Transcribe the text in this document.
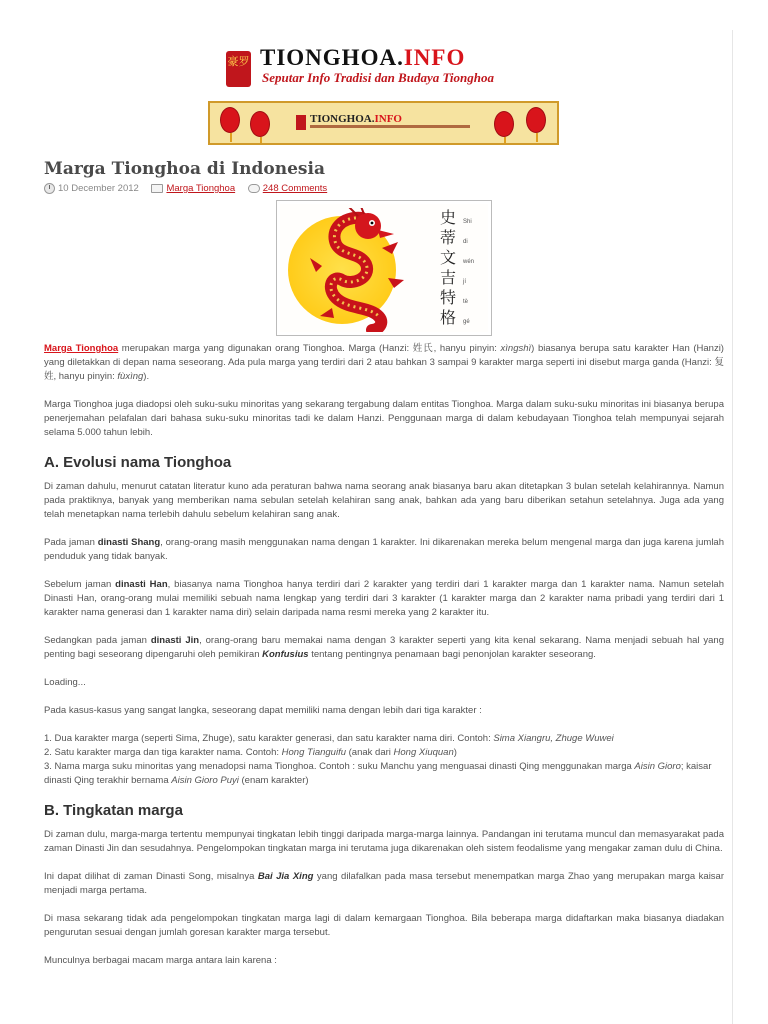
豪罗 TIONGHOA.INFO
Seputar Info Tradisi dan Budaya Tionghoa
TIONGHOA.INFO
Marga Tionghoa di Indonesia
10 December 2012	Marga Tionghoa	248 Comments
史
蒂
文
吉
特
格
Shi
di
wén
jí
tè
gé

Marga Tionghoa merupakan marga yang digunakan orang Tionghoa. Marga (Hanzi: 姓氏, hanyu pinyin: xìngshì) biasanya berupa satu karakter Han (Hanzi) yang diletakkan di depan nama seseorang. Ada pula marga yang terdiri dari 2 atau bahkan 3 sampai 9 karakter marga seperti ini disebut marga ganda (Hanzi: 复姓, hanyu pinyin: fùxìng).

Marga Tionghoa juga diadopsi oleh suku-suku minoritas yang sekarang tergabung dalam entitas Tionghoa. Marga dalam suku-suku minoritas ini biasanya berupa penerjemahan pelafalan dari bahasa suku-suku minoritas tadi ke dalam Hanzi. Penggunaan marga di dalam kebudayaan Tionghoa telah mempunyai sejarah selama 5.000 tahun lebih.

A. Evolusi nama Tionghoa

Di zaman dahulu, menurut catatan literatur kuno ada peraturan bahwa nama seorang anak biasanya baru akan ditetapkan 3 bulan setelah kelahirannya. Namun pada praktiknya, banyak yang memberikan nama sebulan setelah kelahiran sang anak, bahkan ada yang baru diberikan setahun setelahnya. Juga ada yang telah menetapkan nama terlebih dahulu sebelum kelahiran sang anak.

Pada jaman dinasti Shang, orang-orang masih menggunakan nama dengan 1 karakter. Ini dikarenakan mereka belum mengenal marga dan juga karena jumlah penduduk yang tidak banyak.

Sebelum jaman dinasti Han, biasanya nama Tionghoa hanya terdiri dari 2 karakter yang terdiri dari 1 karakter marga dan 1 karakter nama. Namun setelah Dinasti Han, orang-orang mulai memiliki sebuah nama lengkap yang terdiri dari 3 karakter (1 karakter marga dan 2 karakter nama pribadi yang terdiri dari 1 karakter nama generasi dan 1 karakter nama diri) selain daripada nama resmi mereka yang 2 karakter itu.

Sedangkan pada jaman dinasti Jin, orang-orang baru memakai nama dengan 3 karakter seperti yang kita kenal sekarang. Nama menjadi sebuah hal yang penting bagi seseorang dipengaruhi oleh pemikiran Konfusius tentang pentingnya penamaan bagi penonjolan karakter seseorang.

Loading...

Pada kasus-kasus yang sangat langka, seseorang dapat memiliki nama dengan lebih dari tiga karakter :

1. Dua karakter marga (seperti Sima, Zhuge), satu karakter generasi, dan satu karakter nama diri. Contoh: Sima Xiangru, Zhuge Wuwei
2. Satu karakter marga dan tiga karakter nama. Contoh: Hong Tianguifu (anak dari Hong Xiuquan)
3. Nama marga suku minoritas yang menadopsi nama Tionghoa. Contoh : suku Manchu yang menguasai dinasti Qing menggunakan marga Aisin Gioro; kaisar dinasti Qing terakhir bernama Aisin Gioro Puyi (enam karakter)

B. Tingkatan marga

Di zaman dulu, marga-marga tertentu mempunyai tingkatan lebih tinggi daripada marga-marga lainnya. Pandangan ini terutama muncul dan memasyarakat pada zaman Dinasti Jin dan sesudahnya. Pengelompokan tingkatan marga ini terutama juga dikarenakan oleh sistem feodalisme yang mengakar zaman dulu di China.

Ini dapat dilihat di zaman Dinasti Song, misalnya Bai Jia Xing yang dilafalkan pada masa tersebut menempatkan marga Zhao yang merupakan marga kaisar menjadi marga pertama.

Di masa sekarang tidak ada pengelompokan tingkatan marga lagi di dalam kemargaan Tionghoa. Bila beberapa marga didaftarkan maka biasanya diadakan pengurutan sesuai dengan jumlah goresan karakter marga tersebut.

Munculnya berbagai macam marga antara lain karena :
